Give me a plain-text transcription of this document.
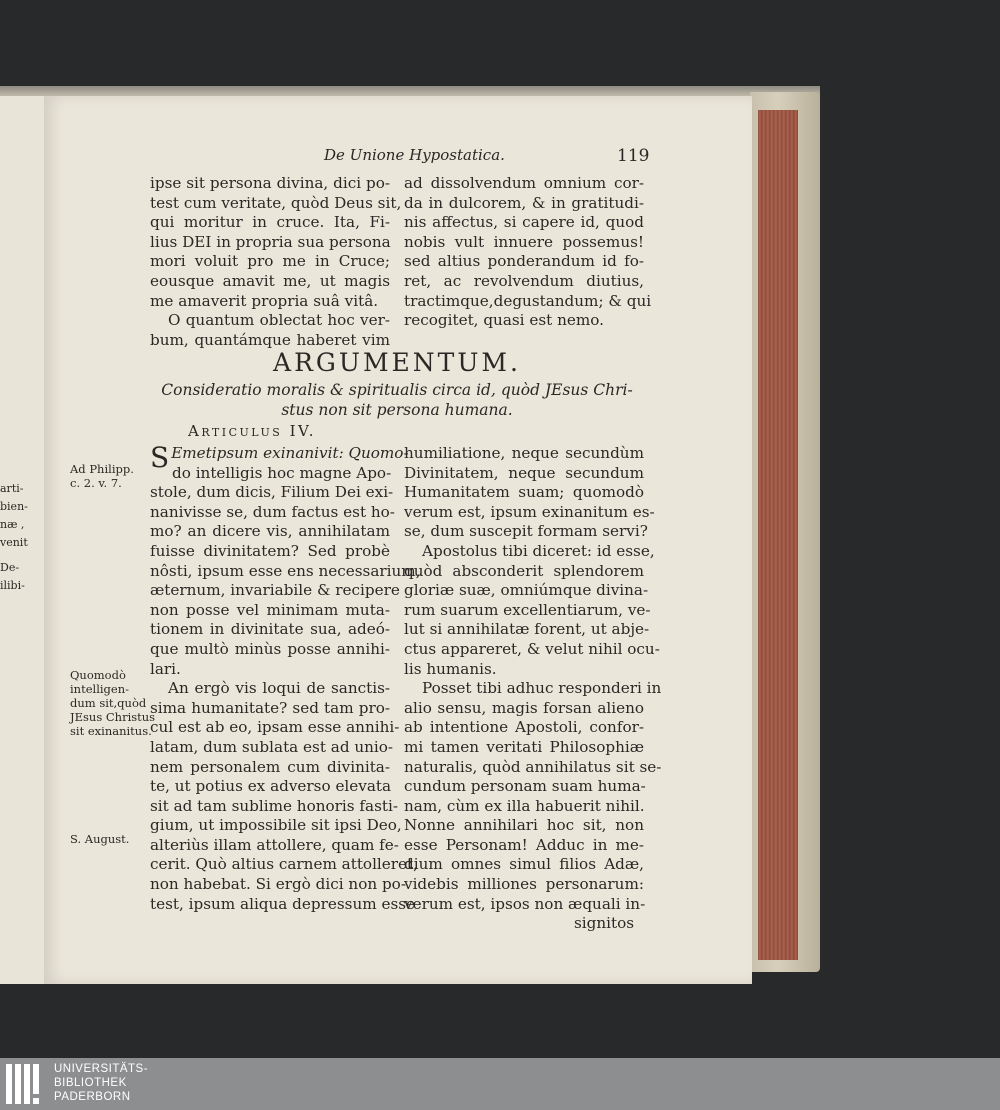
arti-
bien-
næ ,
venit
De-
ilibi-
De Unione Hypostatica.	119
ipse sit persona divina, dici po-
test cum veritate, quòd Deus sit,
qui moritur in cruce. Ita, Fi-
lius DEI in propria sua persona
mori voluit pro me in Cruce;
eousque amavit me, ut magis
me amaverit propria suâ vitâ.
O quantum oblectat hoc ver-
bum, quantámque haberet vim
ad dissolvendum omnium cor-
da in dulcorem, & in gratitudi-
nis affectus, si capere id, quod
nobis vult innuere possemus!
sed altius ponderandum id fo-
ret, ac revolvendum diutius,
tractimque,degustandum; & qui
recogitet, quasi est nemo.
ARGUMENTUM.
Consideratio moralis & spiritualis circa id, quòd JEsus Chri-
stus non sit persona humana.
Articulus IV.
Ad Philipp.
c. 2. v. 7.
Quomodò
intelligen-
dum sit,quòd
JEsus Christus
sit exinanitus.
S. August.
S Emetipsum exinanivit: Quomo-
do intelligis hoc magne Apo-
stole, dum dicis, Filium Dei exi-
nanivisse se, dum factus est ho-
mo? an dicere vis, annihilatam
fuisse divinitatem? Sed probè
nôsti, ipsum esse ens necessarium,
æternum, invariabile & recipere
non posse vel minimam muta-
tionem in divinitate sua, adeó-
que multò minùs posse annihi-
lari.
An ergò vis loqui de sanctis-
sima humanitate? sed tam pro-
cul est ab eo, ipsam esse annihi-
latam, dum sublata est ad unio-
nem personalem cum divinita-
te, ut potius ex adverso elevata
sit ad tam sublime honoris fasti-
gium, ut impossibile sit ipsi Deo,
alteriùs illam attollere, quam fe-
cerit. Quò altius carnem attolleret,
non habebat. Si ergò dici non po-
test, ipsum aliqua depressum esse
humiliatione, neque secundùm
Divinitatem, neque secundum
Humanitatem suam; quomodò
verum est, ipsum exinanitum es-
se, dum suscepit formam servi?
Apostolus tibi diceret: id esse,
quòd absconderit splendorem
gloriæ suæ, omniúmque divina-
rum suarum excellentiarum, ve-
lut si annihilatæ forent, ut abje-
ctus appareret, & velut nihil ocu-
lis humanis.
Posset tibi adhuc responderi in
alio sensu, magis forsan alieno
ab intentione Apostoli, confor-
mi tamen veritati Philosophiæ
naturalis, quòd annihilatus sit se-
cundum personam suam huma-
nam, cùm ex illa habuerit nihil.
Nonne annihilari hoc sit, non
esse Personam! Adduc in me-
dium omnes simul filios Adæ,
videbis milliones personarum:
verum est, ipsos non æquali in-
signitos
UNIVERSITÄTS-
BIBLIOTHEK
PADERBORN
